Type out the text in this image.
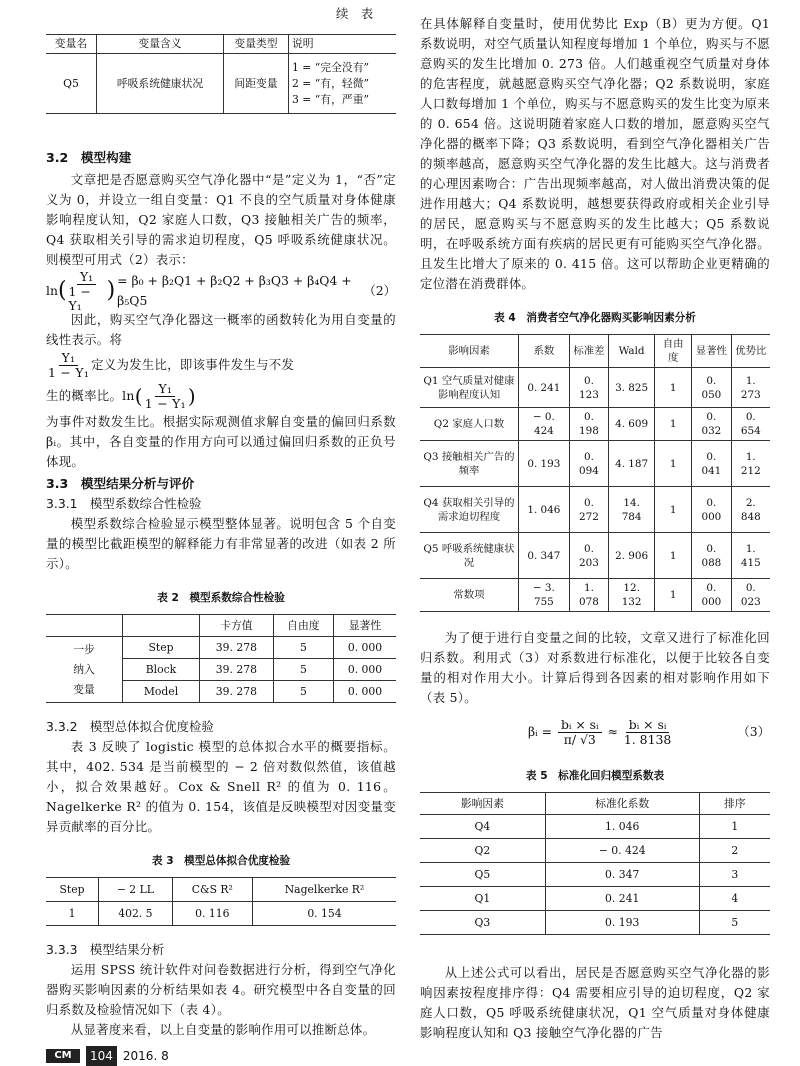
续　表
变量名	变量含义	变量类型	说明
Q5	呼吸系统健康状况	间距变量	1 = “完全没有”
2 = “有，轻微”
3 = “有，严重”

3.2　模型构建

文章把是否愿意购买空气净化器中“是”定义为 1，“否”定义为 0，并设立一组自变量：Q1 不良的空气质量对身体健康影响程度认知，Q2 家庭人口数，Q3 接触相关广告的频率，Q4 获取相关引导的需求迫切程度，Q5 呼吸系统健康状况。则模型可用式（2）表示：

ln ( $\frac{\text{Y₁}}{\text{1 − Y₁}}$ ) = β₀ + β₂Q1 + β₂Q2 + β₃Q3 + β₄Q4 + β₅Q5
（2）

因此，购买空气净化器这一概率的函数转化为用自变量的线性表示。将

$\frac{\text{Y₁}}{\text{1 − Y₁}}$ 定义为发生比，即该事件发生与不发

生的概率比。ln ( $\frac{\text{Y₁}}{\text{1 − Y₁}}$ )

为事件对数发生比。根据实际观测值求解自变量的偏回归系数 βᵢ。其中，各自变量的作用方向可以通过偏回归系数的正负号体现。

3.3　模型结果分析与评价

3.3.1　模型系数综合性检验

模型系数综合检验显示模型整体显著。说明包含 5 个自变量的模型比截距模型的解释能力有非常显著的改进（如表 2 所示）。

表 2　模型系数综合性检验

		卡方值	自由度	显著性

一步
纳入
变量	Step	39. 278	5	0. 000
	Block	39. 278	5	0. 000
	Model	39. 278	5	0. 000

3.3.2　模型总体拟合优度检验

表 3 反映了 logistic 模型的总体拟合水平的概要指标。其中，402. 534 是当前模型的 − 2 倍对数似然值，该值越小，拟合效果越好。Cox & Snell R² 的值为 0. 116。Nagelkerke R² 的值为 0. 154，该值是反映模型对因变量变异贡献率的百分比。

表 3　模型总体拟合优度检验

Step	− 2 LL	C&S R²	Nagelkerke R²
1	402. 5	0. 116	0. 154

3.3.3　模型结果分析

运用 SPSS 统计软件对问卷数据进行分析，得到空气净化器购买影响因素的分析结果如表 4。研究模型中各自变量的回归系数及检验情况如下（表 4）。

从显著度来看，以上自变量的影响作用可以推断总体。

在具体解释自变量时，使用优势比 Exp（B）更为方便。Q1 系数说明，对空气质量认知程度每增加 1 个单位，购买与不愿意购买的发生比增加 0. 273 倍。人们越重视空气质量对身体的危害程度，就越愿意购买空气净化器；Q2 系数说明，家庭人口数每增加 1 个单位，购买与不愿意购买的发生比变为原来的 0. 654 倍。这说明随着家庭人口数的增加，愿意购买空气净化器的概率下降；Q3 系数说明，看到空气净化器相关广告的频率越高，愿意购买空气净化器的发生比越大。这与消费者的心理因素吻合：广告出现频率越高，对人做出消费决策的促进作用越大；Q4 系数说明，越想要获得政府或相关企业引导的居民，愿意购买与不愿意购买的发生比越大；Q5 系数说明，在呼吸系统方面有疾病的居民更有可能购买空气净化器。且发生比增大了原来的 0. 415 倍。这可以帮助企业更精确的定位潜在消费群体。

表 4　消费者空气净化器购买影响因素分析

影响因素	系数	标准差	Wald	自由度	显著性	优势比
Q1 空气质量对健康影响程度认知	0. 241	0. 123	3. 825	1	0. 050	1. 273
Q2 家庭人口数	− 0. 424	0. 198	4. 609	1	0. 032	0. 654
Q3 接触相关广告的频率	0. 193	0. 094	4. 187	1	0. 041	1. 212
Q4 获取相关引导的需求迫切程度	1. 046	0. 272	14. 784	1	0. 000	2. 848
Q5 呼吸系统健康状况	0. 347	0. 203	2. 906	1	0. 088	1. 415
常数项	− 3. 755	1. 078	12. 132	1	0. 000	0. 023

为了便于进行自变量之间的比较，文章又进行了标准化回归系数。利用式（3）对系数进行标准化，以便于比较各自变量的相对作用大小。计算后得到各因素的相对影响作用如下（表 5）。

βᵢ = $\frac{\text{bᵢ × sᵢ}}{\pi/ √3} \approx \frac{\text{bᵢ × sᵢ}}{1. 8138}$	（3）

表 5　标准化回归模型系数表

影响因素	标准化系数	排序
Q4	1. 046	1
Q2	− 0. 424	2
Q5	0. 347	3
Q1	0. 241	4
Q3	0. 193	5

从上述公式可以看出，居民是否愿意购买空气净化器的影响因素按程度排序得：Q4 需要相应引导的迫切程度，Q2 家庭人口数，Q5 呼吸系统健康状况，Q1 空气质量对身体健康影响程度认知和 Q3 接触空气净化器的广告

CM	104 2016. 8
